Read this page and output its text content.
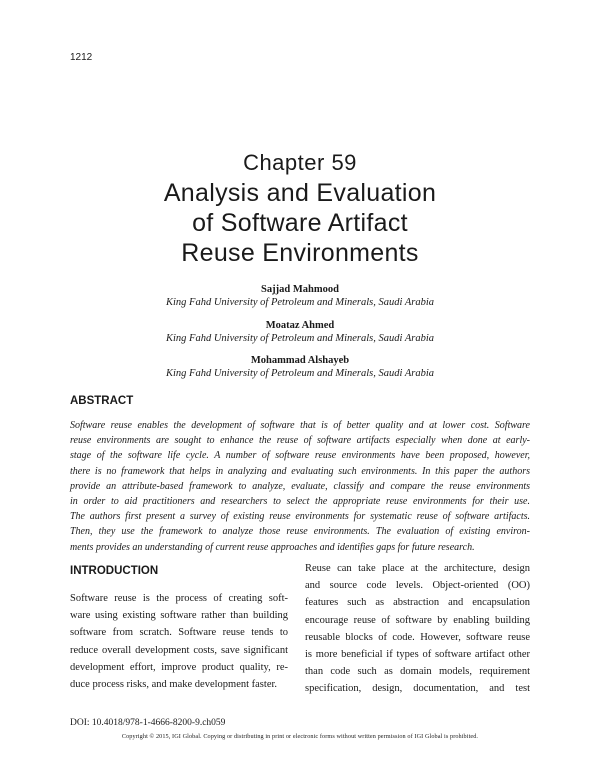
1212
Chapter 59
Analysis and Evaluation
of Software Artifact
Reuse Environments
Sajjad Mahmood
King Fahd University of Petroleum and Minerals, Saudi Arabia
Moataz Ahmed
King Fahd University of Petroleum and Minerals, Saudi Arabia
Mohammad Alshayeb
King Fahd University of Petroleum and Minerals, Saudi Arabia
ABSTRACT
Software reuse enables the development of software that is of better quality and at lower cost. Software
reuse environments are sought to enhance the reuse of software artifacts especially when done at early-
stage of the software life cycle. A number of software reuse environments have been proposed, however,
there is no framework that helps in analyzing and evaluating such environments. In this paper the authors
provide an attribute-based framework to analyze, evaluate, classify and compare the reuse environments
in order to aid practitioners and researchers to select the appropriate reuse environments for their use.
The authors first present a survey of existing reuse environments for systematic reuse of software artifacts.
Then, they use the framework to analyze those reuse environments. The evaluation of existing environ-
ments provides an understanding of current reuse approaches and identifies gaps for future research.
INTRODUCTION
Software reuse is the process of creating soft-
ware using existing software rather than building
software from scratch. Software reuse tends to
reduce overall development costs, save significant
development effort, improve product quality, re-
duce process risks, and make development faster.
Reuse can take place at the architecture, design
and source code levels. Object-oriented (OO)
features such as abstraction and encapsulation
encourage reuse of software by enabling building
reusable blocks of code. However, software reuse
is more beneficial if types of software artifact other
than code such as domain models, requirement
specification, design, documentation, and test
DOI: 10.4018/978-1-4666-8200-9.ch059
Copyright © 2015, IGI Global. Copying or distributing in print or electronic forms without written permission of IGI Global is prohibited.
